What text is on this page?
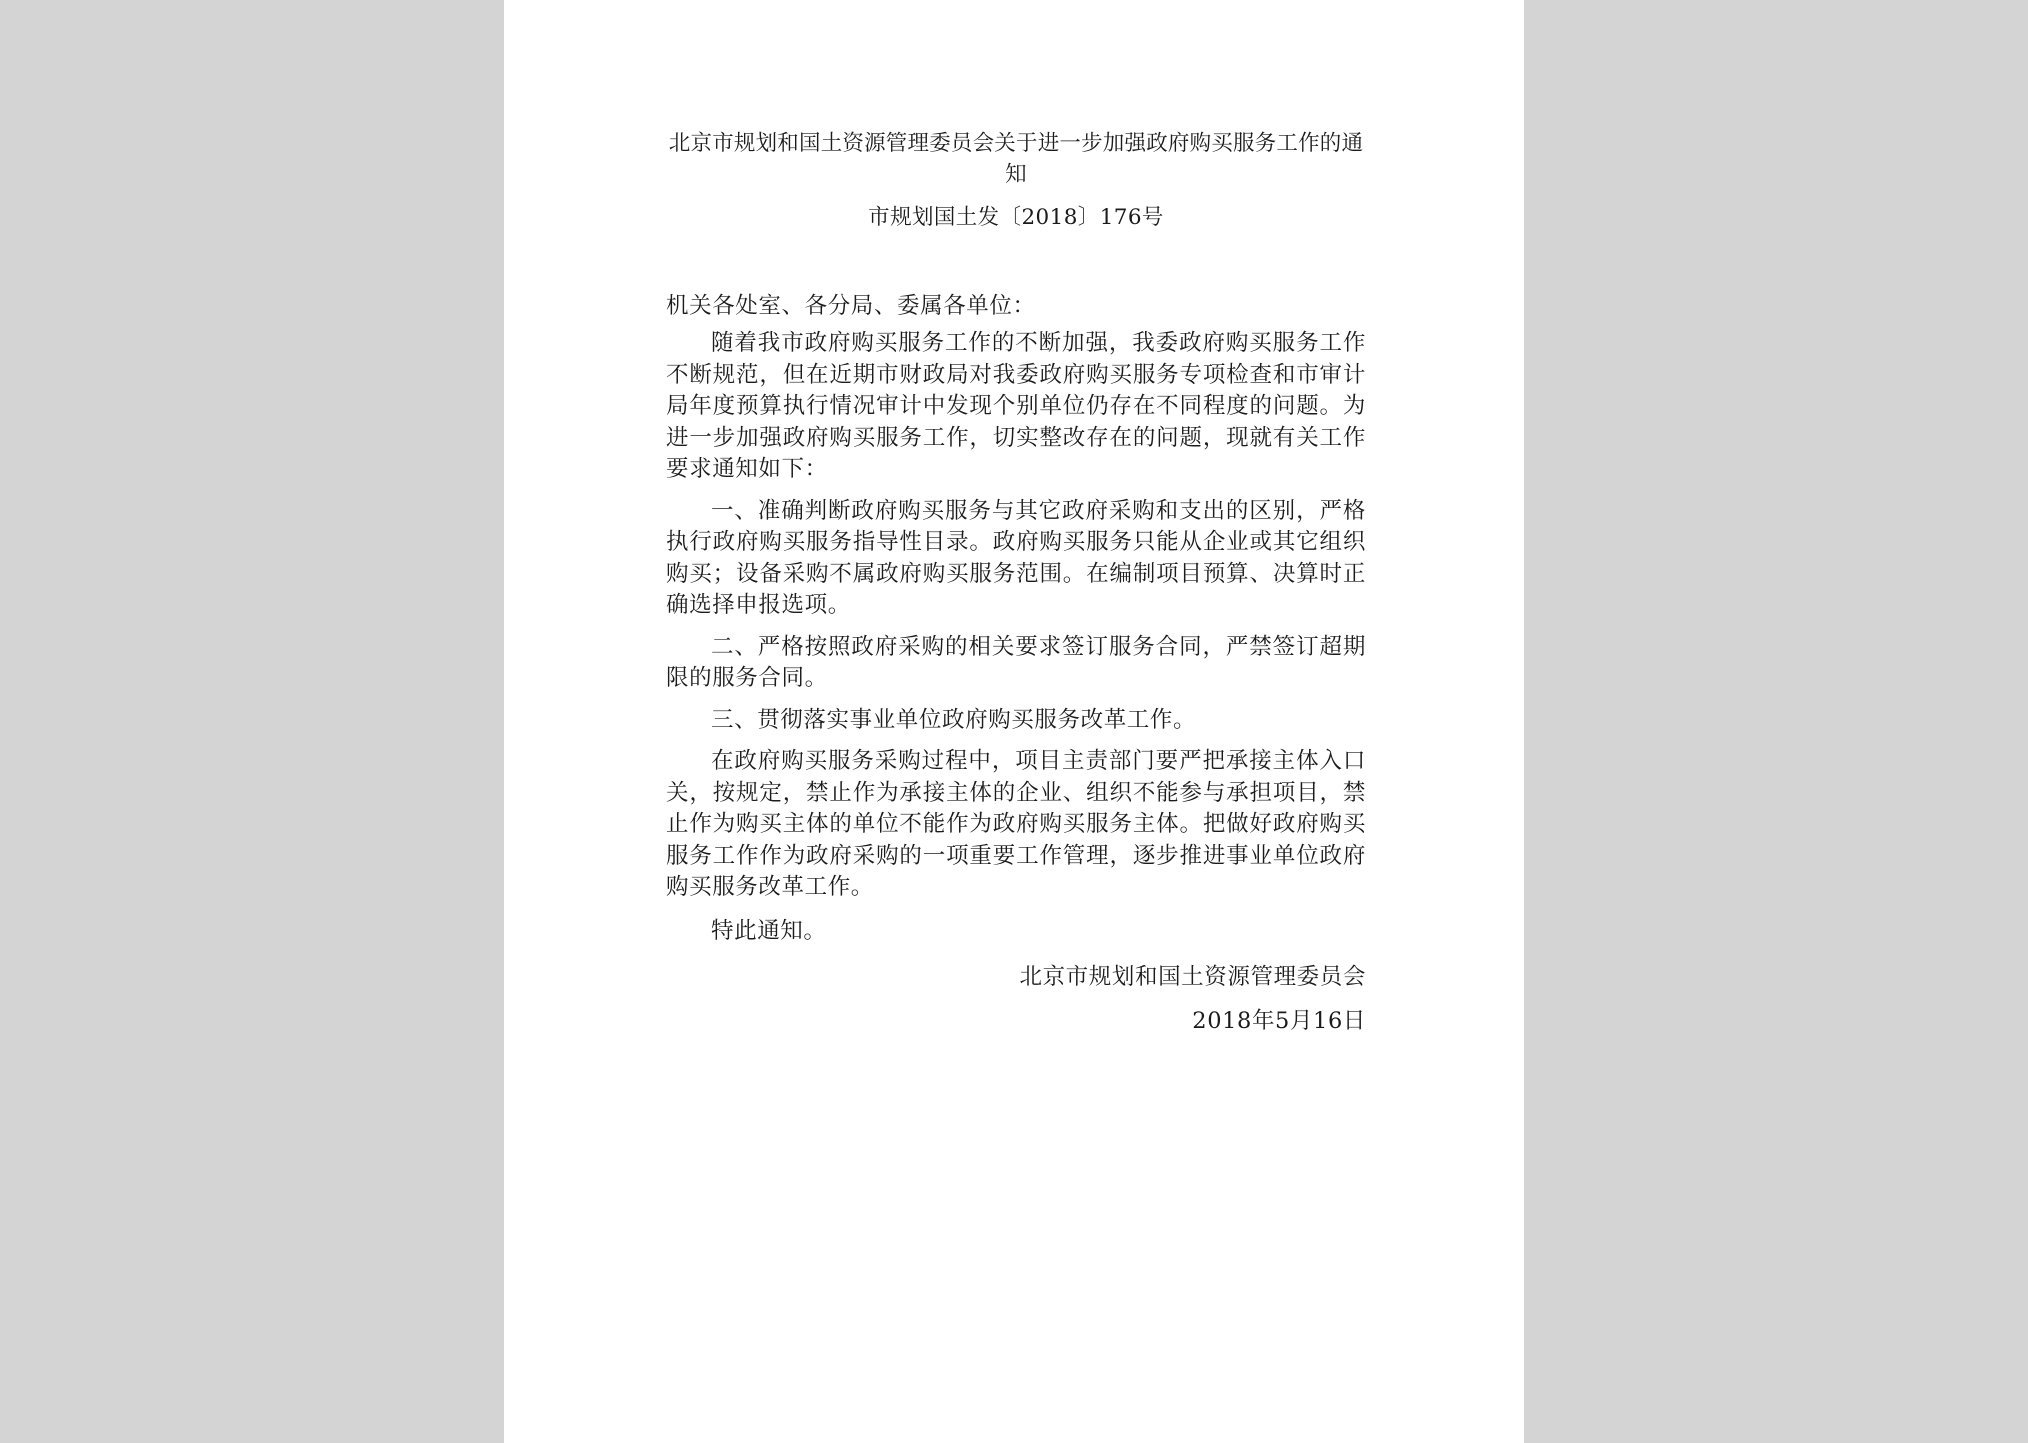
北京市规划和国土资源管理委员会关于进一步加强政府购买服务工作的通知
市规划国土发〔2018〕176号
机关各处室、各分局、委属各单位：

随着我市政府购买服务工作的不断加强，我委政府购买服务工作不断规范，但在近期市财政局对我委政府购买服务专项检查和市审计局年度预算执行情况审计中发现个别单位仍存在不同程度的问题。为进一步加强政府购买服务工作，切实整改存在的问题，现就有关工作要求通知如下：

一、准确判断政府购买服务与其它政府采购和支出的区别，严格执行政府购买服务指导性目录。政府购买服务只能从企业或其它组织购买；设备采购不属政府购买服务范围。在编制项目预算、决算时正确选择申报选项。

二、严格按照政府采购的相关要求签订服务合同，严禁签订超期限的服务合同。

三、贯彻落实事业单位政府购买服务改革工作。

在政府购买服务采购过程中，项目主责部门要严把承接主体入口关，按规定，禁止作为承接主体的企业、组织不能参与承担项目，禁止作为购买主体的单位不能作为政府购买服务主体。把做好政府购买服务工作作为政府采购的一项重要工作管理，逐步推进事业单位政府购买服务改革工作。

特此通知。

北京市规划和国土资源管理委员会
2018年5月16日
